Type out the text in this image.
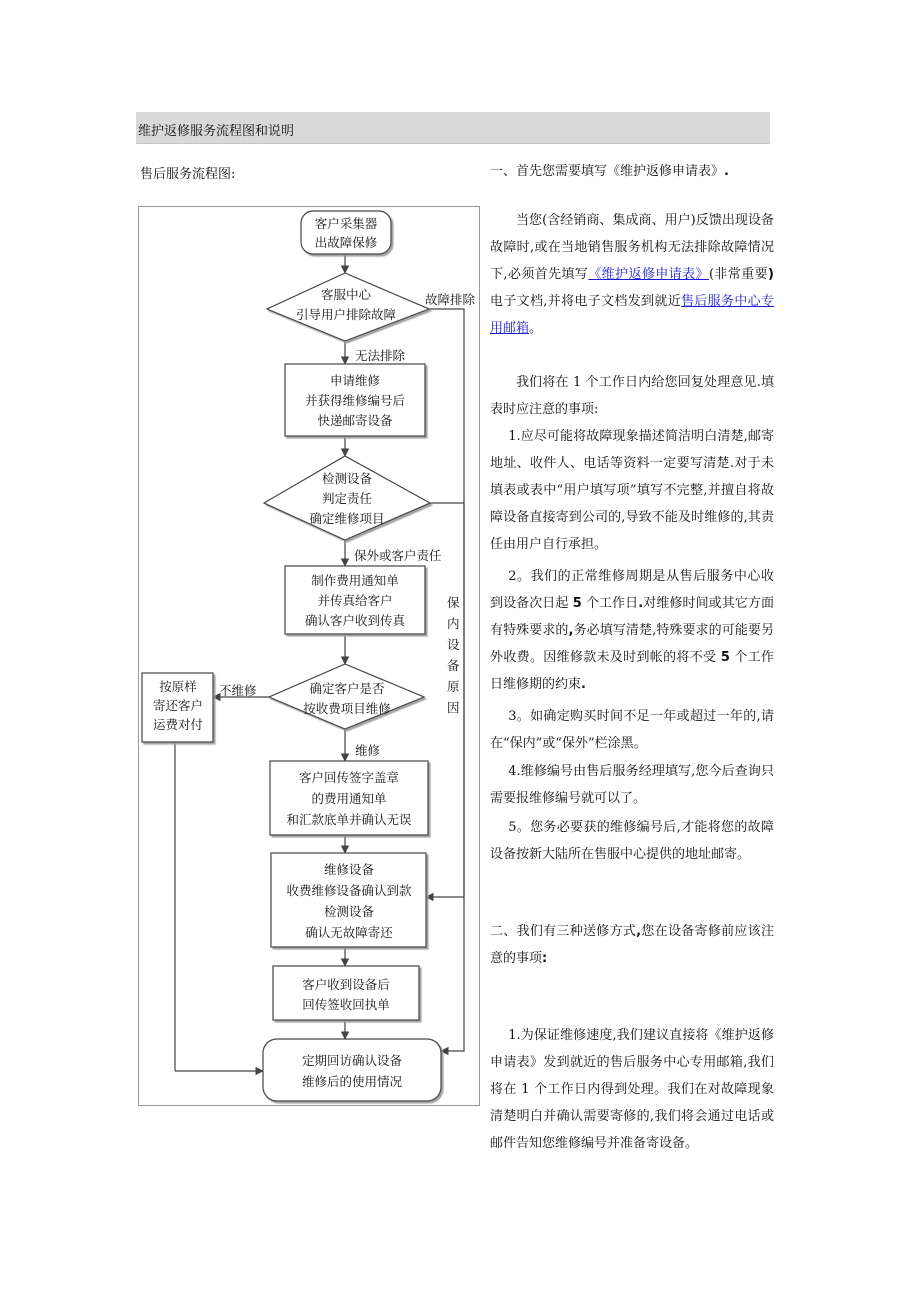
维护返修服务流程图和说明
售后服务流程图:
客户采集器
出故障保修
客服中心
引导用户排除故障
申请维修
并获得维修编号后
快递邮寄设备
检测设备
判定责任
确定维修项目
制作费用通知单
并传真给客户
确认客户收到传真
确定客户是否
按收费项目维修
按原样
寄还客户
运费对付
客户回传签字盖章
的费用通知单
和汇款底单并确认无误
维修设备
收费维修设备确认到款
检测设备
确认无故障寄还
客户收到设备后
回传签收回执单
定期回访确认设备
维修后的使用情况
故障排除
无法排除
保外或客户责任
不维修
维修
保
内
设
备
原
因
一、首先您需要填写《维护返修申请表》.
当您(含经销商、集成商、用户)反馈出现设备故障时,或在当地销售服务机构无法排除故障情况下,必须首先填写《维护返修申请表》(非常重要)电子文档,并将电子文档发到就近售后服务中心专用邮箱。
我们将在 1 个工作日内给您回复处理意见.填表时应注意的事项:
1.应尽可能将故障现象描述简洁明白清楚,邮寄地址、收件人、电话等资料一定要写清楚.对于未填表或表中“用户填写项”填写不完整,并擅自将故障设备直接寄到公司的,导致不能及时维修的,其责任由用户自行承担。
2。我们的正常维修周期是从售后服务中心收到设备次日起 5 个工作日.对维修时间或其它方面有特殊要求的,务必填写清楚,特殊要求的可能要另外收费。因维修款未及时到帐的将不受 5 个工作日维修期的约束.
3。如确定购买时间不足一年或超过一年的,请在“保内”或“保外”栏涂黑。
4.维修编号由售后服务经理填写,您今后查询只需要报维修编号就可以了。
5。您务必要获的维修编号后,才能将您的故障设备按新大陆所在售服中心提供的地址邮寄。
二、我们有三种送修方式,您在设备寄修前应该注意的事项:
1.为保证维修速度,我们建议直接将《维护返修申请表》发到就近的售后服务中心专用邮箱,我们将在 1 个工作日内得到处理。我们在对故障现象清楚明白并确认需要寄修的,我们将会通过电话或邮件告知您维修编号并准备寄设备。
